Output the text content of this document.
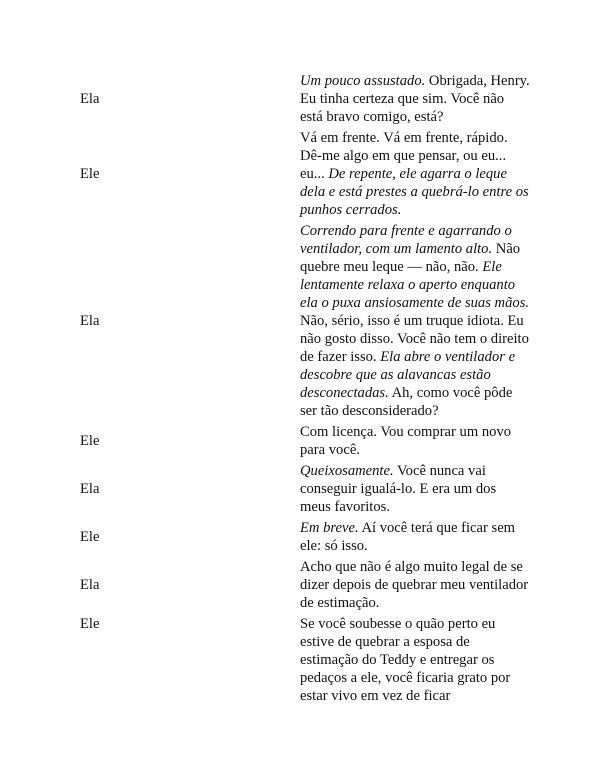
Ela
Um pouco assustado. Obrigada, Henry. Eu tinha certeza que sim. Você não está bravo comigo, está?
Ele
Vá em frente. Vá em frente, rápido. Dê-me algo em que pensar, ou eu... eu... De repente, ele agarra o leque dela e está prestes a quebrá-lo entre os punhos cerrados.
Ela
Correndo para frente e agarrando o ventilador, com um lamento alto. Não quebre meu leque — não, não. Ele lentamente relaxa o aperto enquanto ela o puxa ansiosamente de suas mãos. Não, sério, isso é um truque idiota. Eu não gosto disso. Você não tem o direito de fazer isso. Ela abre o ventilador e descobre que as alavancas estão desconectadas. Ah, como você pôde ser tão desconsiderado?
Ele
Com licença. Vou comprar um novo para você.
Ela
Queixosamente. Você nunca vai conseguir igualá-lo. E era um dos meus favoritos.
Ele
Em breve. Aí você terá que ficar sem ele: só isso.
Ela
Acho que não é algo muito legal de se dizer depois de quebrar meu ventilador de estimação.
Ele	Se você soubesse o quão perto eu estive de quebrar a esposa de estimação do Teddy e entregar os pedaços a ele, você ficaria grato por estar vivo em vez de ficar
